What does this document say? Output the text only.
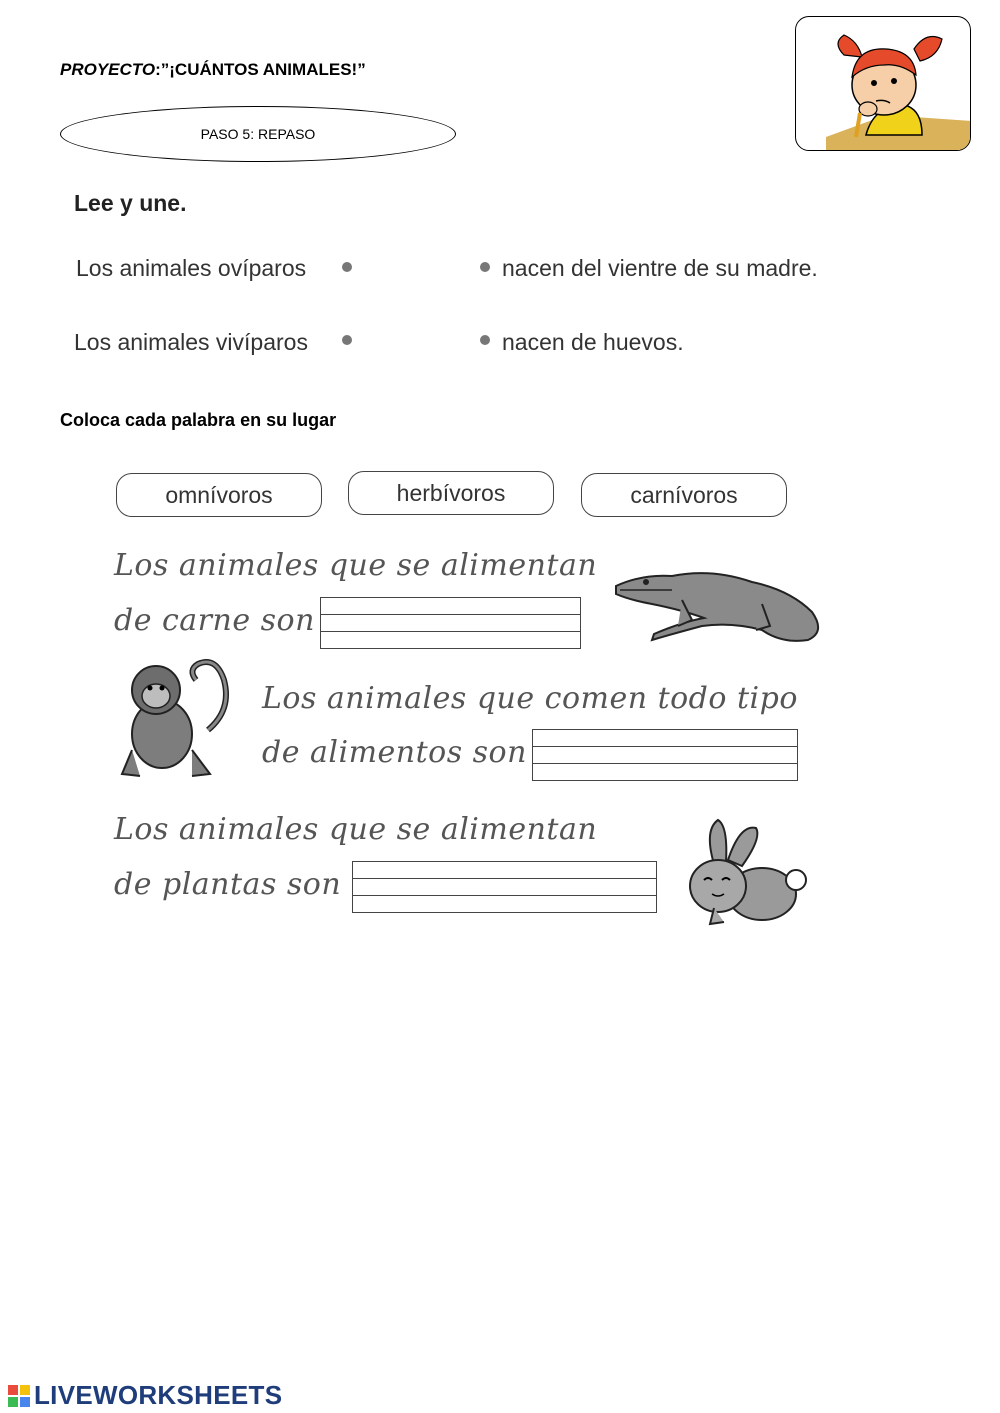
PROYECTO:”¡CUÁNTOS ANIMALES!”
PASO 5: REPASO
Lee y une.
Los animales ovíparos	nacen del vientre de su madre.
Los animales vivíparos	nacen de huevos.
Coloca cada palabra en su lugar
omnívoros	herbívoros	carnívoros
Los animales que se alimentan
de carne son
Los animales que comen todo tipo
de alimentos son
Los animales que se alimentan
de plantas son
LIVEWORKSHEETS
